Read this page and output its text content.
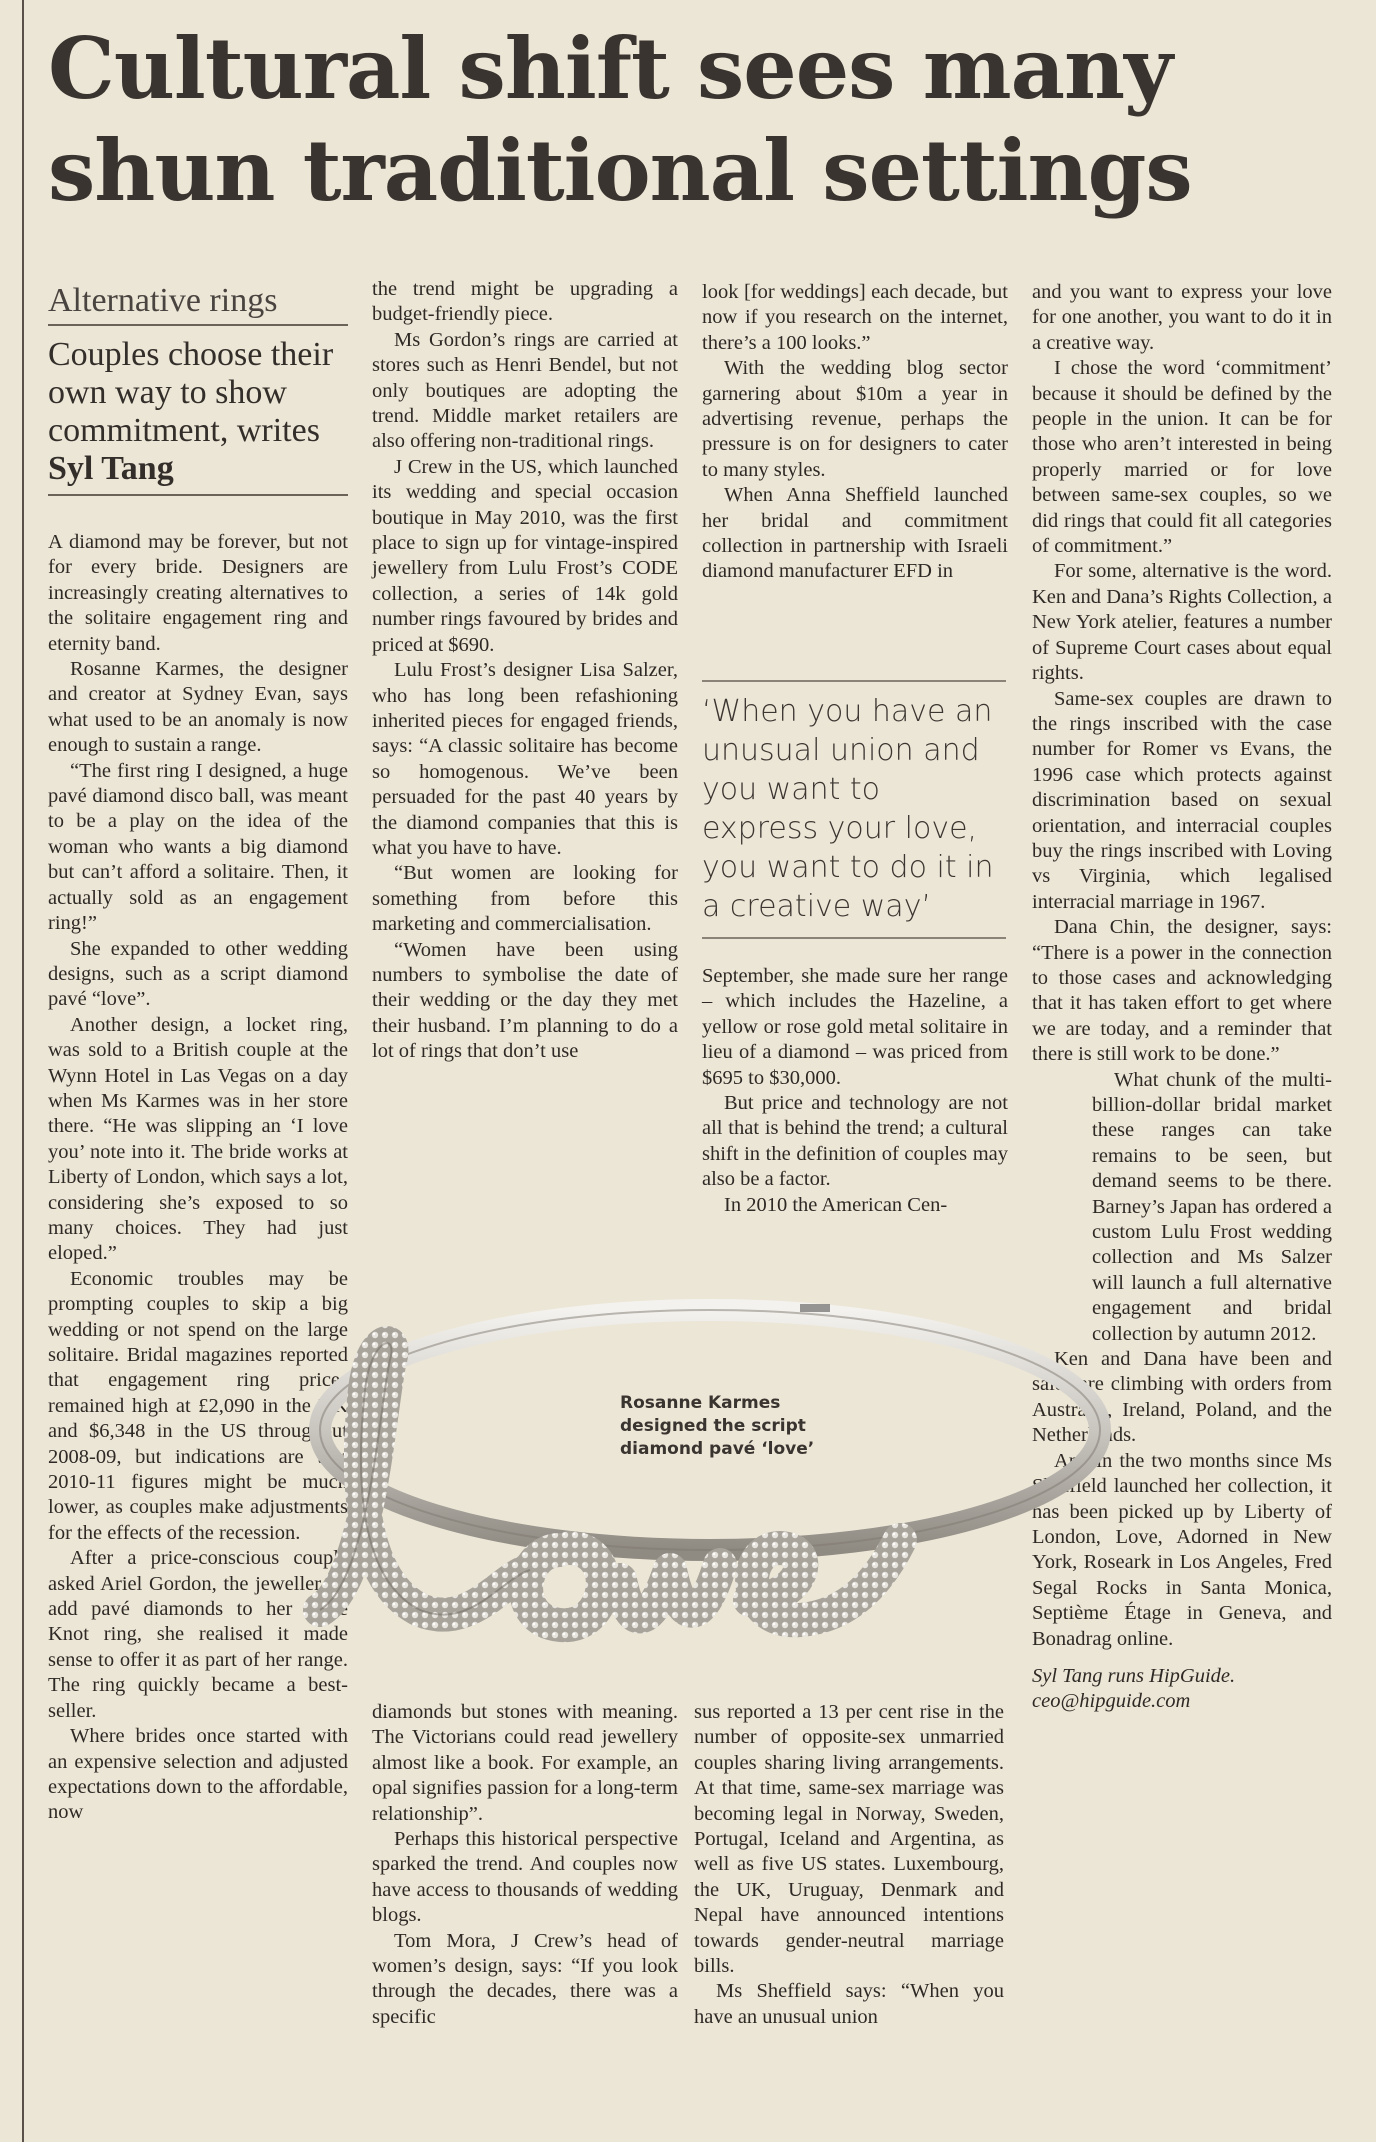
Cultural shift sees many shun traditional settings
Alternative rings
Couples choose their own way to show commitment, writes Syl Tang

A diamond may be forever, but not for every bride. Designers are increasingly creating alternatives to the solitaire engagement ring and eternity band.

Rosanne Karmes, the designer and creator at Sydney Evan, says what used to be an anomaly is now enough to sustain a range.

“The first ring I designed, a huge pavé diamond disco ball, was meant to be a play on the idea of the woman who wants a big diamond but can’t afford a solitaire. Then, it actually sold as an engagement ring!”

She expanded to other wedding designs, such as a script diamond pavé “love”.

Another design, a locket ring, was sold to a British couple at the Wynn Hotel in Las Vegas on a day when Ms Karmes was in her store there. “He was slipping an ‘I love you’ note into it. The bride works at Liberty of London, which says a lot, considering she’s exposed to so many choices. They had just eloped.”

Economic troubles may be prompting couples to skip a big wedding or not spend on the large solitaire. Bridal magazines reported that engagement ring prices remained high at £2,090 in the UK and $6,348 in the US throughout 2008-09, but indications are that 2010-11 figures might be much lower, as couples make adjustments for the effects of the recession.

After a price-conscious couple asked Ariel Gordon, the jeweller, to add pavé diamonds to her Love Knot ring, she realised it made sense to offer it as part of her range. The ring quickly became a best-seller.

Where brides once started with an expensive selection and adjusted expectations down to the affordable, now

the trend might be upgrading a budget-friendly piece.

Ms Gordon’s rings are carried at stores such as Henri Bendel, but not only boutiques are adopting the trend. Middle market retailers are also offering non-traditional rings.

J Crew in the US, which launched its wedding and special occasion boutique in May 2010, was the first place to sign up for vintage-inspired jewellery from Lulu Frost’s CODE collection, a series of 14k gold number rings favoured by brides and priced at $690.

Lulu Frost’s designer Lisa Salzer, who has long been refashioning inherited pieces for engaged friends, says: “A classic solitaire has become so homogenous. We’ve been persuaded for the past 40 years by the diamond companies that this is what you have to have.

“But women are looking for something from before this marketing and commercialisation.

“Women have been using numbers to symbolise the date of their wedding or the day they met their husband. I’m planning to do a lot of rings that don’t use

diamonds but stones with meaning. The Victorians could read jewellery almost like a book. For example, an opal signifies passion for a long-term relationship”.

Perhaps this historical perspective sparked the trend. And couples now have access to thousands of wedding blogs.

Tom Mora, J Crew’s head of women’s design, says: “If you look through the decades, there was a specific

look [for weddings] each decade, but now if you research on the internet, there’s a 100 looks.”

With the wedding blog sector garnering about $10m a year in advertising revenue, perhaps the pressure is on for designers to cater to many styles.

When Anna Sheffield launched her bridal and commitment collection in partnership with Israeli diamond manufacturer EFD in

‘When you have an unusual union and you want to express your love, you want to do it in a creative way’

September, she made sure her range – which includes the Hazeline, a yellow or rose gold metal solitaire in lieu of a diamond – was priced from $695 to $30,000.

But price and technology are not all that is behind the trend; a cultural shift in the definition of couples may also be a factor.

In 2010 the American Cen-

sus reported a 13 per cent rise in the number of opposite-sex unmarried couples sharing living arrangements. At that time, same-sex marriage was becoming legal in Norway, Sweden, Portugal, Iceland and Argentina, as well as five US states. Luxembourg, the UK, Uruguay, Denmark and Nepal have announced intentions towards gender-neutral marriage bills.

Ms Sheffield says: “When you have an unusual union

and you want to express your love for one another, you want to do it in a creative way.

I chose the word ‘commitment’ because it should be defined by the people in the union. It can be for those who aren’t interested in being properly married or for love between same-sex couples, so we did rings that could fit all categories of commitment.”

For some, alternative is the word. Ken and Dana’s Rights Collection, a New York atelier, features a number of Supreme Court cases about equal rights.

Same-sex couples are drawn to the rings inscribed with the case number for Romer vs Evans, the 1996 case which protects against discrimination based on sexual orientation, and interracial couples buy the rings inscribed with Loving vs Virginia, which legalised interracial marriage in 1967.

Dana Chin, the designer, says: “There is a power in the connection to those cases and acknowledging that it has taken effort to get where we are today, and a reminder that there is still work to be done.”

What chunk of the multi-billion-dollar bridal market these ranges can take remains to be seen, but demand seems to be there. Barney’s Japan has ordered a custom Lulu Frost wedding collection and Ms Salzer will launch a full alternative engagement and bridal collection by autumn 2012.

Ken and Dana have been and sales are climbing with orders from Australia, Ireland, Poland, and the Netherlands.

And in the two months since Ms Sheffield launched her collection, it has been picked up by Liberty of London, Love, Adorned in New York, Roseark in Los Angeles, Fred Segal Rocks in Santa Monica, Septième Étage in Geneva, and Bonadrag online.

Syl Tang runs HipGuide.
ceo@hipguide.com

Rosanne Karmes designed the script diamond pavé ‘love’
